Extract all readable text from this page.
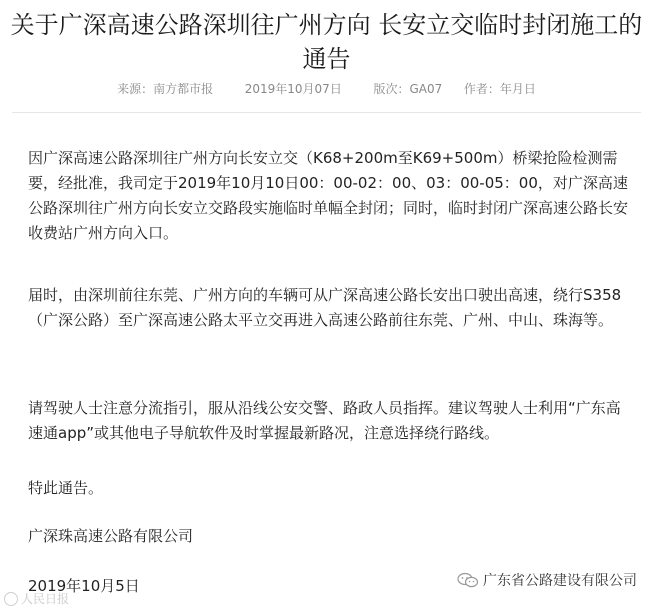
关于广深高速公路深圳往广州方向 长安立交临时封闭施工的通告
来源：南方都市报	2019年10月07日	版次：GA07 作者：年月日

因广深高速公路深圳往广州方向长安立交（K68+200m至K69+500m）桥梁抢险检测需要，经批准，我司定于2019年10月10日00：00-02：00、03：00-05：00，对广深高速公路深圳往广州方向长安立交路段实施临时单幅全封闭；同时，临时封闭广深高速公路长安收费站广州方向入口。

届时，由深圳前往东莞、广州方向的车辆可从广深高速公路长安出口驶出高速，绕行S358（广深公路）至广深高速公路太平立交再进入高速公路前往东莞、广州、中山、珠海等。

请驾驶人士注意分流指引，服从沿线公安交警、路政人员指挥。建议驾驶人士利用“广东高速通app”或其他电子导航软件及时掌握最新路况，注意选择绕行路线。

特此通告。

广深珠高速公路有限公司

2019年10月5日

人民日报
广东省公路建设有限公司
